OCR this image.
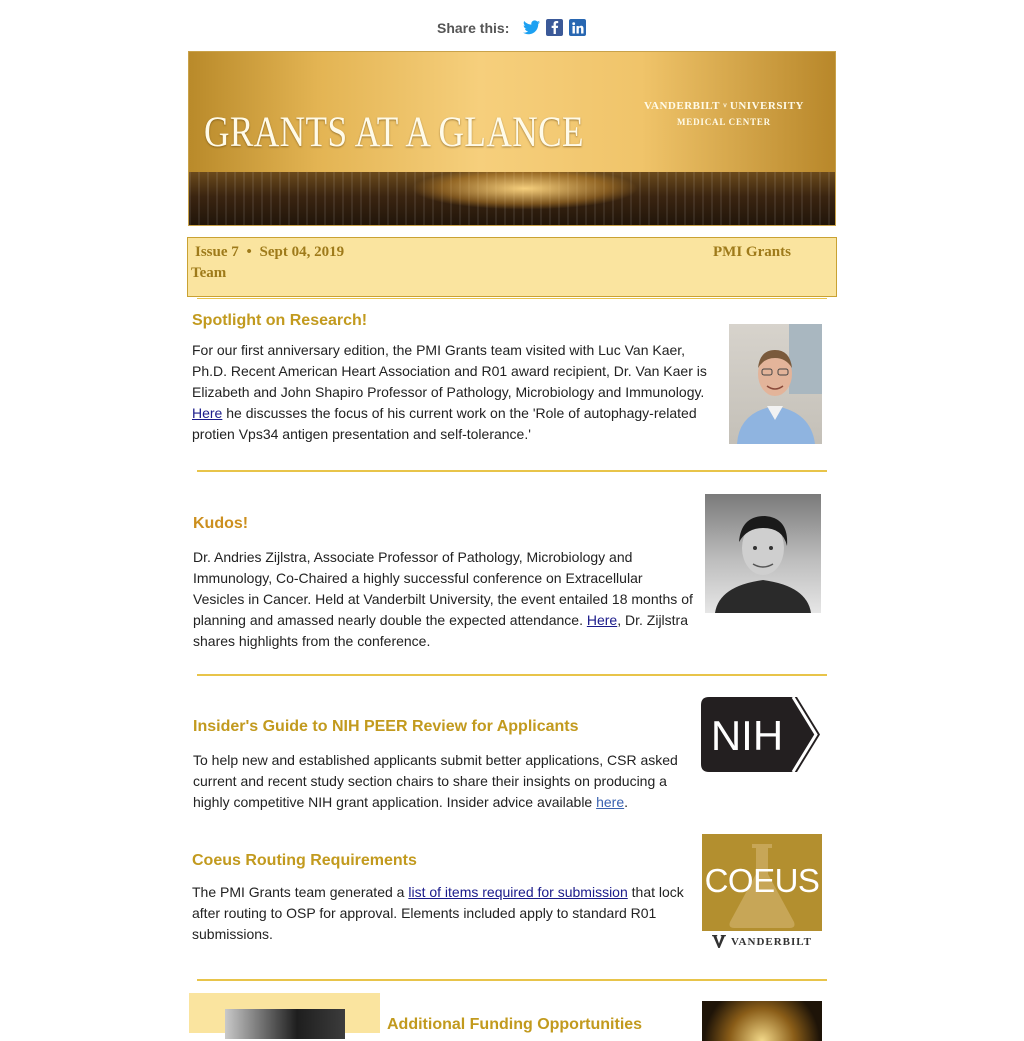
Share this:
GRANTS AT A GLANCE
VANDERBILT UNIVERSITY
MEDICAL CENTER
Issue 7 • Sept 04, 2019	PMI Grants
Team
Spotlight on Research!

For our first anniversary edition, the PMI Grants team visited with Luc Van Kaer, Ph.D. Recent American Heart Association and R01 award recipient, Dr. Van Kaer is Elizabeth and John Shapiro Professor of Pathology, Microbiology and Immunology. Here he discusses the focus of his current work on the 'Role of autophagy-related protien Vps34 antigen presentation and self-tolerance.'

Kudos!

Dr. Andries Zijlstra, Associate Professor of Pathology, Microbiology and Immunology, Co-Chaired a highly successful conference on Extracellular Vesicles in Cancer. Held at Vanderbilt University, the event entailed 18 months of planning and amassed nearly double the expected attendance. Here, Dr. Zijlstra shares highlights from the conference.

Insider's Guide to NIH PEER Review for Applicants

To help new and established applicants submit better applications, CSR asked current and recent study section chairs to share their insights on producing a highly competitive NIH grant application. Insider advice available here.

NIH
Coeus Routing Requirements

The PMI Grants team generated a list of items required for submission that lock after routing to OSP for approval. Elements included apply to standard R01 submissions.

COEUS
VANDERBILT
Additional Funding Opportunities
